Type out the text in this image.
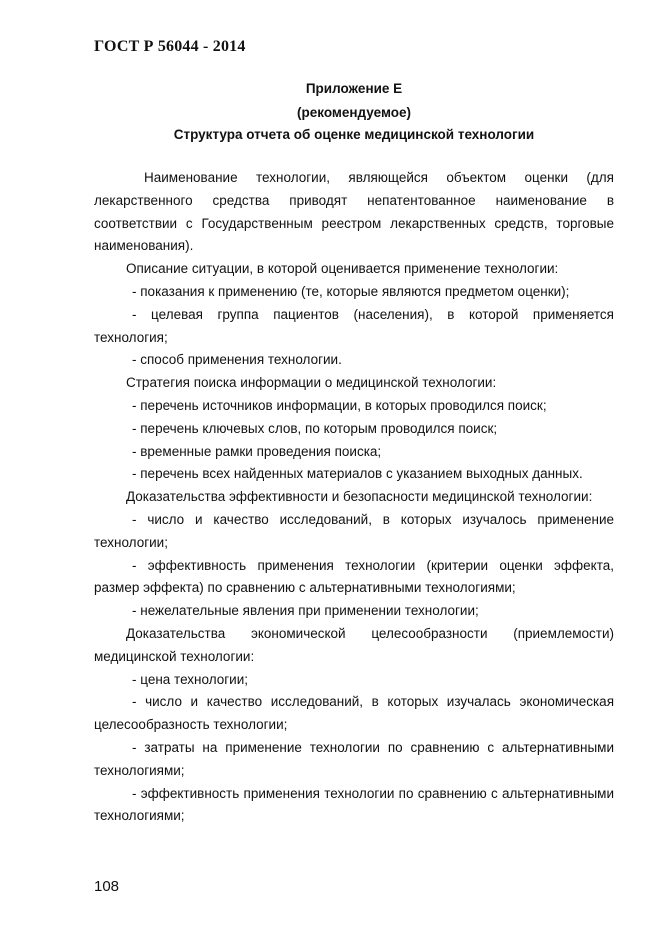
ГОСТ Р 56044 - 2014
Приложение Е
(рекомендуемое)
Структура отчета об оценке медицинской технологии

Наименование технологии, являющейся объектом оценки (для лекарственного средства приводят непатентованное наименование в соответствии с Государственным реестром лекарственных средств, торговые наименования).

Описание ситуации, в которой оценивается применение технологии:

- показания к применению (те, которые являются предметом оценки);

- целевая группа пациентов (населения), в которой применяется технология;

- способ применения технологии.

Стратегия поиска информации о медицинской технологии:

- перечень источников информации, в которых проводился поиск;

- перечень ключевых слов, по которым проводился поиск;

- временные рамки проведения поиска;

- перечень всех найденных материалов с указанием выходных данных.

Доказательства эффективности и безопасности медицинской технологии:

- число и качество исследований, в которых изучалось применение технологии;

- эффективность применения технологии (критерии оценки эффекта, размер эффекта) по сравнению с альтернативными технологиями;

- нежелательные явления при применении технологии;

Доказательства экономической целесообразности (приемлемости) медицинской технологии:

- цена технологии;

- число и качество исследований, в которых изучалась экономическая целесообразность технологии;

- затраты на применение технологии по сравнению с альтернативными технологиями;

- эффективность применения технологии по сравнению с альтернативными технологиями;

108
